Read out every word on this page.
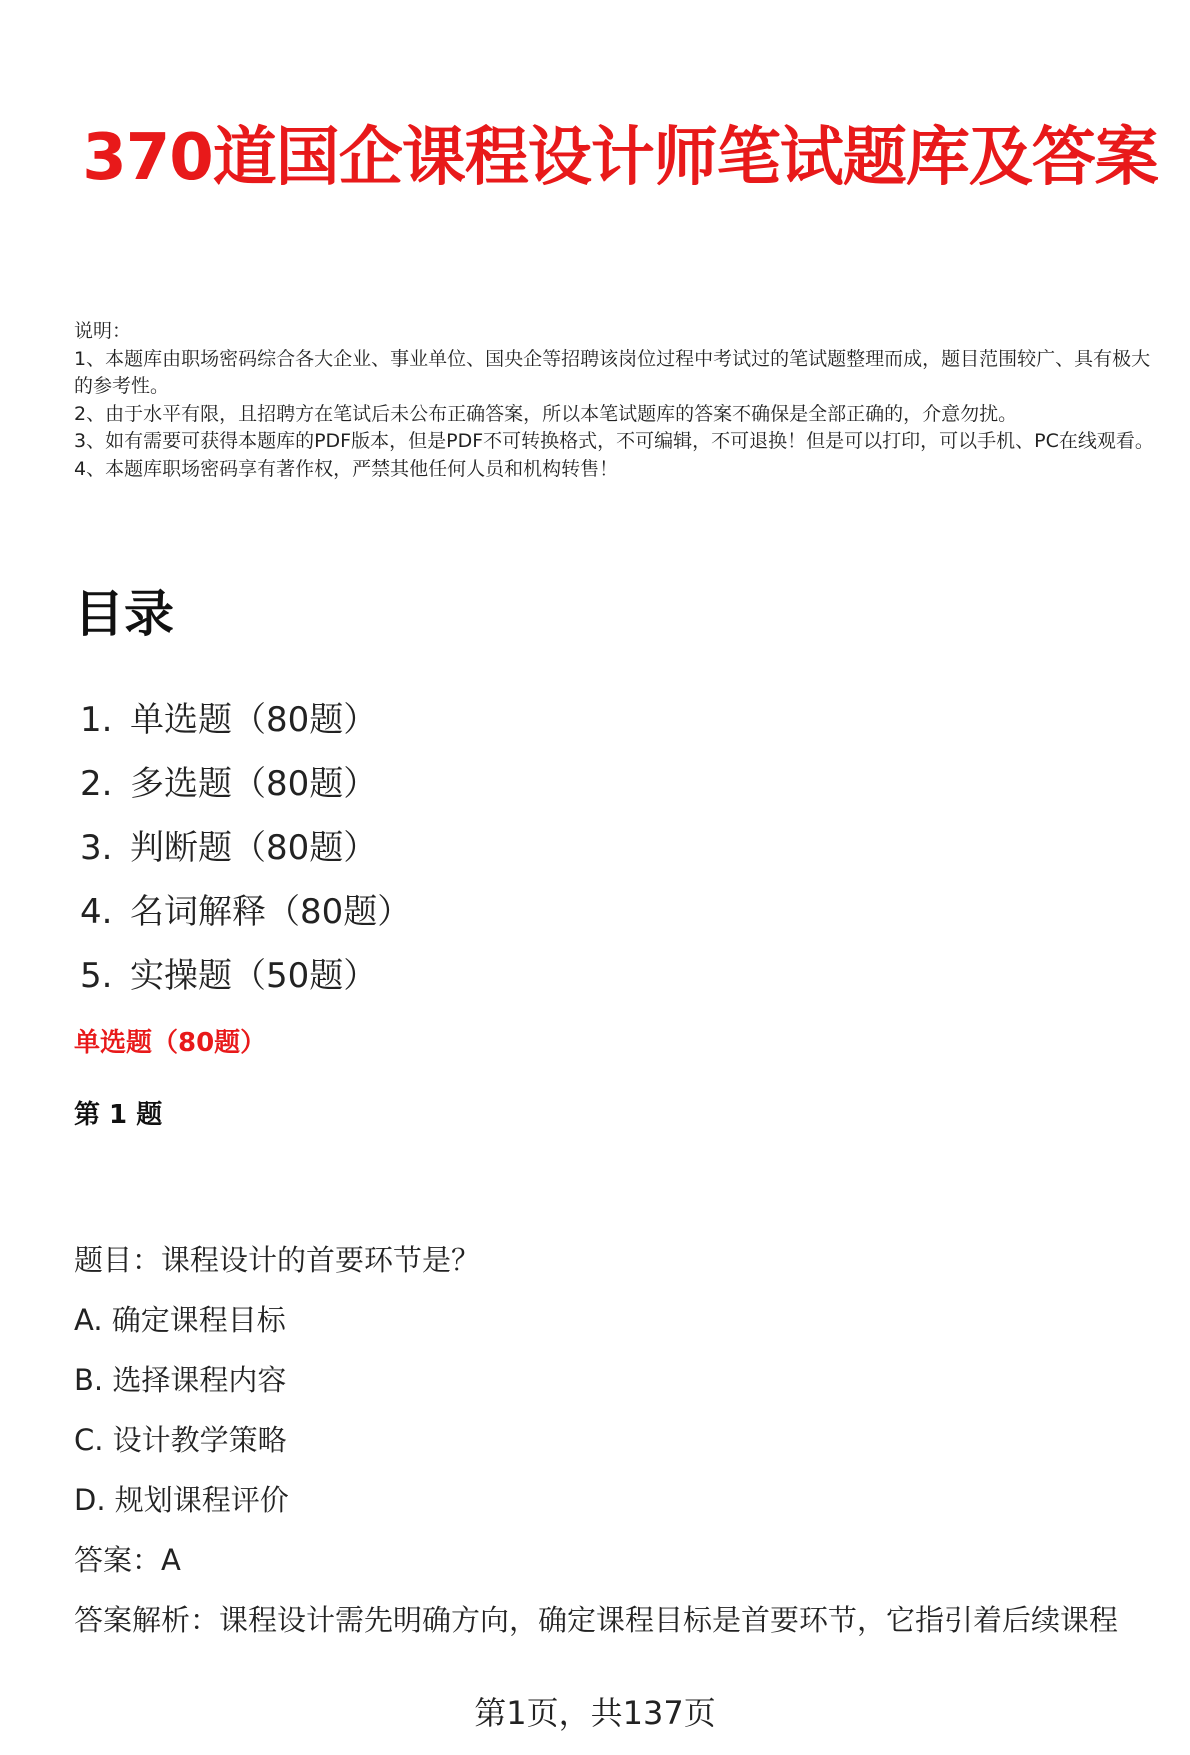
370道国企课程设计师笔试题库及答案
说明：
1、本题库由职场密码综合各大企业、事业单位、国央企等招聘该岗位过程中考试过的笔试题整理而成，题目范围较广、具有极大的参考性。
2、由于水平有限，且招聘方在笔试后未公布正确答案，所以本笔试题库的答案不确保是全部正确的，介意勿扰。
3、如有需要可获得本题库的PDF版本，但是PDF不可转换格式，不可编辑，不可退换！但是可以打印，可以手机、PC在线观看。
4、本题库职场密码享有著作权，严禁其他任何人员和机构转售！
目录
1. 单选题（80题）
2. 多选题（80题）
3. 判断题（80题）
4. 名词解释（80题）
5. 实操题（50题）
单选题（80题）
第 1 题
题目：课程设计的首要环节是？
A. 确定课程目标
B. 选择课程内容
C. 设计教学策略
D. 规划课程评价
答案：A
答案解析：课程设计需先明确方向，确定课程目标是首要环节，它指引着后续课程
第1页，共137页
